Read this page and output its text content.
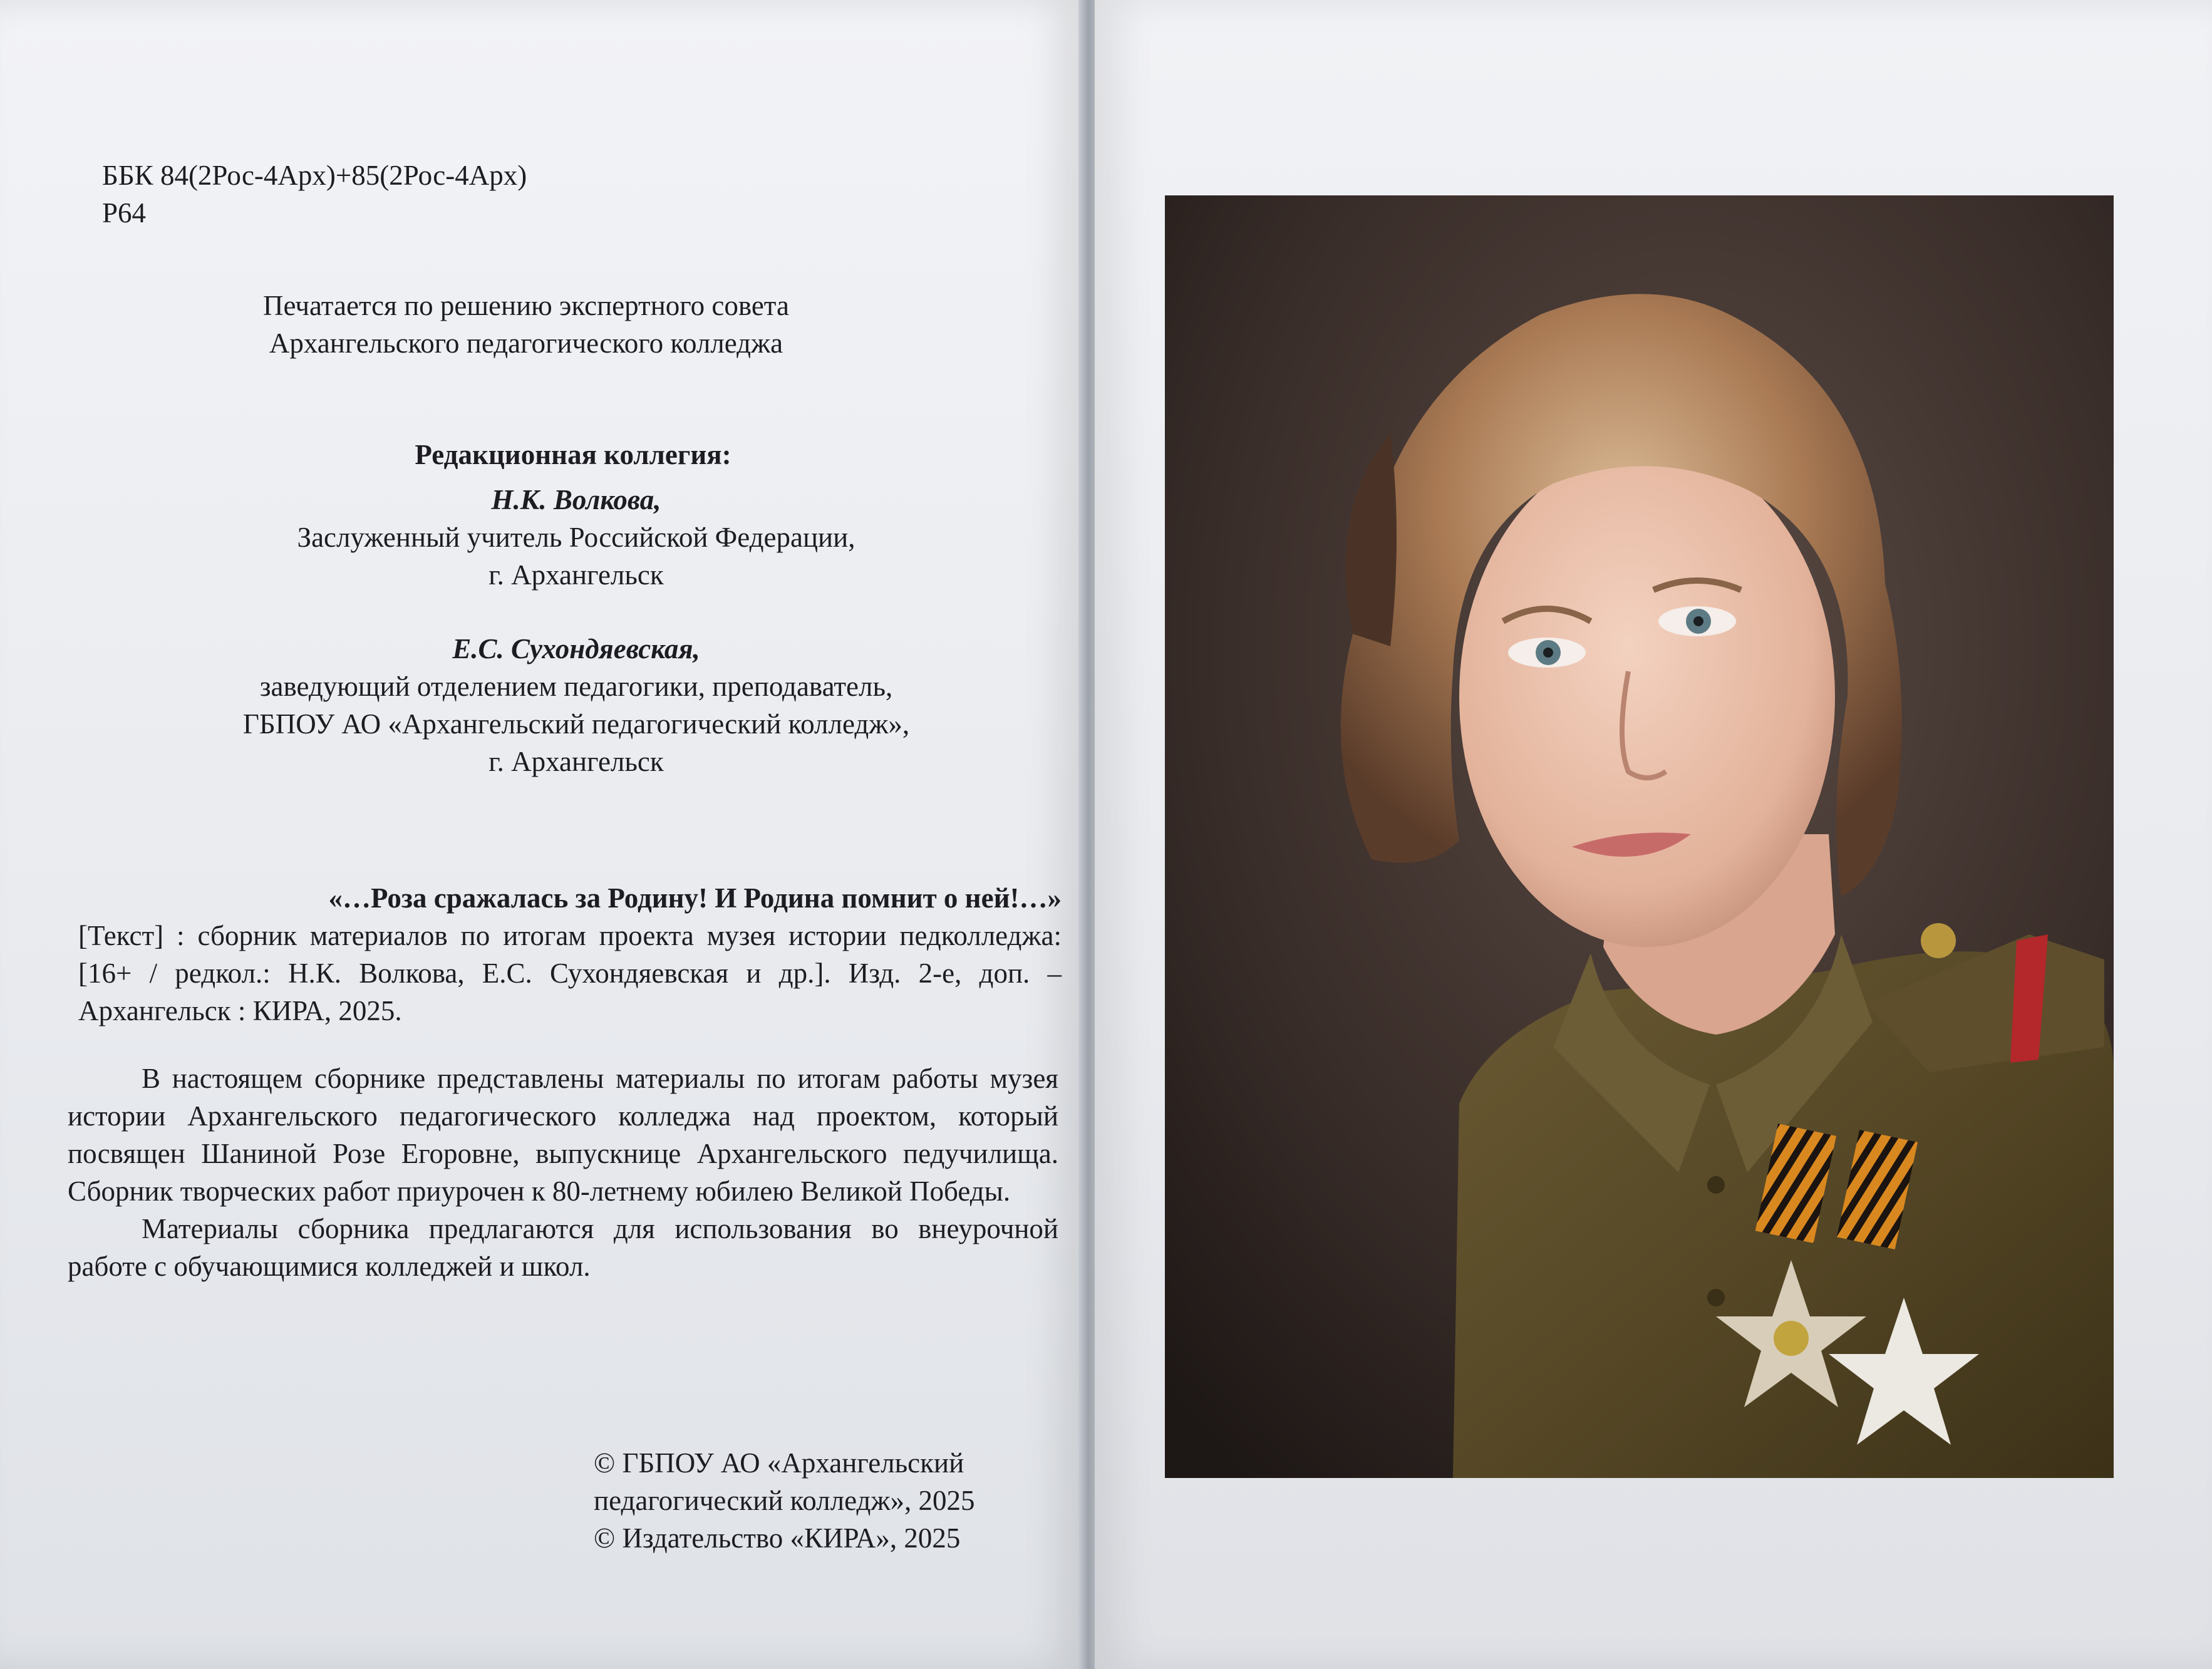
ББК 84(2Рос-4Арх)+85(2Рос-4Арх)
Р64
Печатается по решению экспертного совета
Архангельского педагогического колледжа
Редакционная коллегия:
Н.К. Волкова,
Заслуженный учитель Российской Федерации,
г. Архангельск
Е.С. Сухондяевская,
заведующий отделением педагогики, преподаватель,
ГБПОУ АО «Архангельский педагогический колледж»,
г. Архангельск
«…Роза сражалась за Родину! И Родина помнит о ней!…»
[Текст] : сборник материалов по итогам проекта музея истории педколледжа: [16+ / редкол.: Н.К. Волкова, Е.С. Сухондяевская и др.]. Изд. 2-е, доп. – Архангельск : КИРА, 2025.

В настоящем сборнике представлены материалы по итогам работы музея истории Архангельского педагогического колледжа над проектом, который посвящен Шаниной Розе Егоровне, выпускнице Архангельского педучилища. Сборник творческих работ приурочен к 80-летнему юбилею Великой Победы.

Материалы сборника предлагаются для использования во внеурочной работе с обучающимися колледжей и школ.

© ГБПОУ АО «Архангельский
педагогический колледж», 2025
© Издательство «КИРА», 2025
